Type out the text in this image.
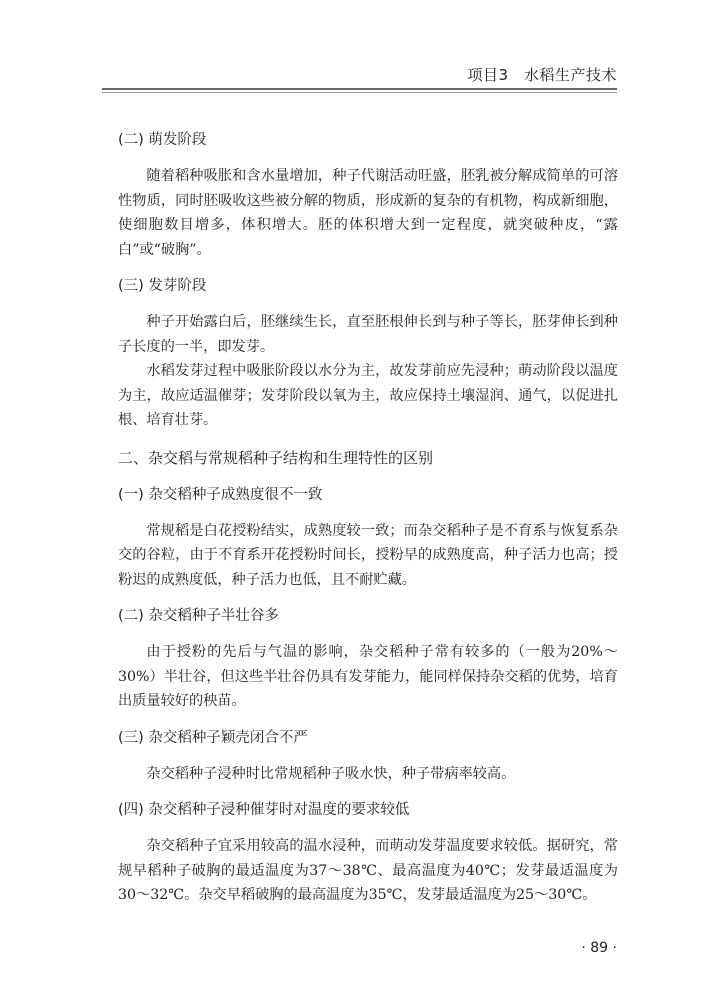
项目3　水稻生产技术
(二) 萌发阶段

随着稻种吸胀和含水量增加，种子代谢活动旺盛，胚乳被分解成简单的可溶性物质，同时胚吸收这些被分解的物质，形成新的复杂的有机物，构成新细胞，使细胞数目增多，体积增大。胚的体积增大到一定程度，就突破种皮，“露白”或“破胸”。

(三) 发芽阶段

种子开始露白后，胚继续生长，直至胚根伸长到与种子等长，胚芽伸长到种子长度的一半，即发芽。

水稻发芽过程中吸胀阶段以水分为主，故发芽前应先浸种；萌动阶段以温度为主，故应适温催芽；发芽阶段以氧为主，故应保持土壤湿润、通气，以促进扎根、培育壮芽。

二、杂交稻与常规稻种子结构和生理特性的区别
(一) 杂交稻种子成熟度很不一致

常规稻是白花授粉结实，成熟度较一致；而杂交稻种子是不育系与恢复系杂交的谷粒，由于不育系开花授粉时间长，授粉早的成熟度高，种子活力也高；授粉迟的成熟度低，种子活力也低，且不耐贮藏。

(二) 杂交稻种子半壮谷多

由于授粉的先后与气温的影响，杂交稻种子常有较多的（一般为20%～30%）半壮谷，但这些半壮谷仍具有发芽能力，能同样保持杂交稻的优势，培育出质量较好的秧苗。

(三) 杂交稻种子颖壳闭合不严

杂交稻种子浸种时比常规稻种子吸水快，种子带病率较高。

(四) 杂交稻种子浸种催芽时对温度的要求较低

杂交稻种子宜采用较高的温水浸种，而萌动发芽温度要求较低。据研究，常规早稻种子破胸的最适温度为37～38℃、最高温度为40℃；发芽最适温度为30～32℃。杂交早稻破胸的最高温度为35℃，发芽最适温度为25～30℃。

· 89 ·
